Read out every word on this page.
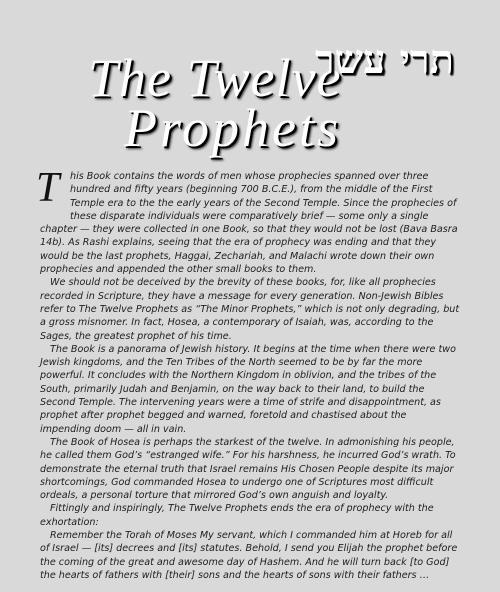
The Twelve
תרי עשר
Prophets

T	his Book contains the words of men whose prophecies spanned over three hundred and fifty years (beginning 700 B.C.E.), from the middle of the First Temple era to the the early years of the Second Temple. Since the prophecies of these disparate individuals were comparatively brief — some only a single chapter — they were collected in one Book, so that they would not be lost (Bava Basra 14b). As Rashi explains, seeing that the era of prophecy was ending and that they would be the last prophets, Haggai, Zechariah, and Malachi wrote down their own prophecies and appended the other small books to them.

We should not be deceived by the brevity of these books, for, like all prophecies recorded in Scripture, they have a message for every generation. Non-Jewish Bibles refer to The Twelve Prophets as “The Minor Prophets,” which is not only degrading, but a gross misnomer. In fact, Hosea, a contemporary of Isaiah, was, according to the Sages, the greatest prophet of his time.

The Book is a panorama of Jewish history. It begins at the time when there were two Jewish kingdoms, and the Ten Tribes of the North seemed to be by far the more powerful. It concludes with the Northern Kingdom in oblivion, and the tribes of the South, primarily Judah and Benjamin, on the way back to their land, to build the Second Temple. The intervening years were a time of strife and disappointment, as prophet after prophet begged and warned, foretold and chastised about the impending doom — all in vain.

The Book of Hosea is perhaps the starkest of the twelve. In admonishing his people, he called them God’s “estranged wife.” For his harshness, he incurred God’s wrath. To demonstrate the eternal truth that Israel remains His Chosen People despite its major shortcomings, God commanded Hosea to undergo one of Scriptures most difficult ordeals, a personal torture that mirrored God’s own anguish and loyalty.

Fittingly and inspiringly, The Twelve Prophets ends the era of prophecy with the exhortation:

Remember the Torah of Moses My servant, which I commanded him at Horeb for all of Israel — [its] decrees and [its] statutes. Behold, I send you Elijah the prophet before the coming of the great and awesome day of Hashem. And he will turn back [to God] the hearts of fathers with [their] sons and the hearts of sons with their fathers …
